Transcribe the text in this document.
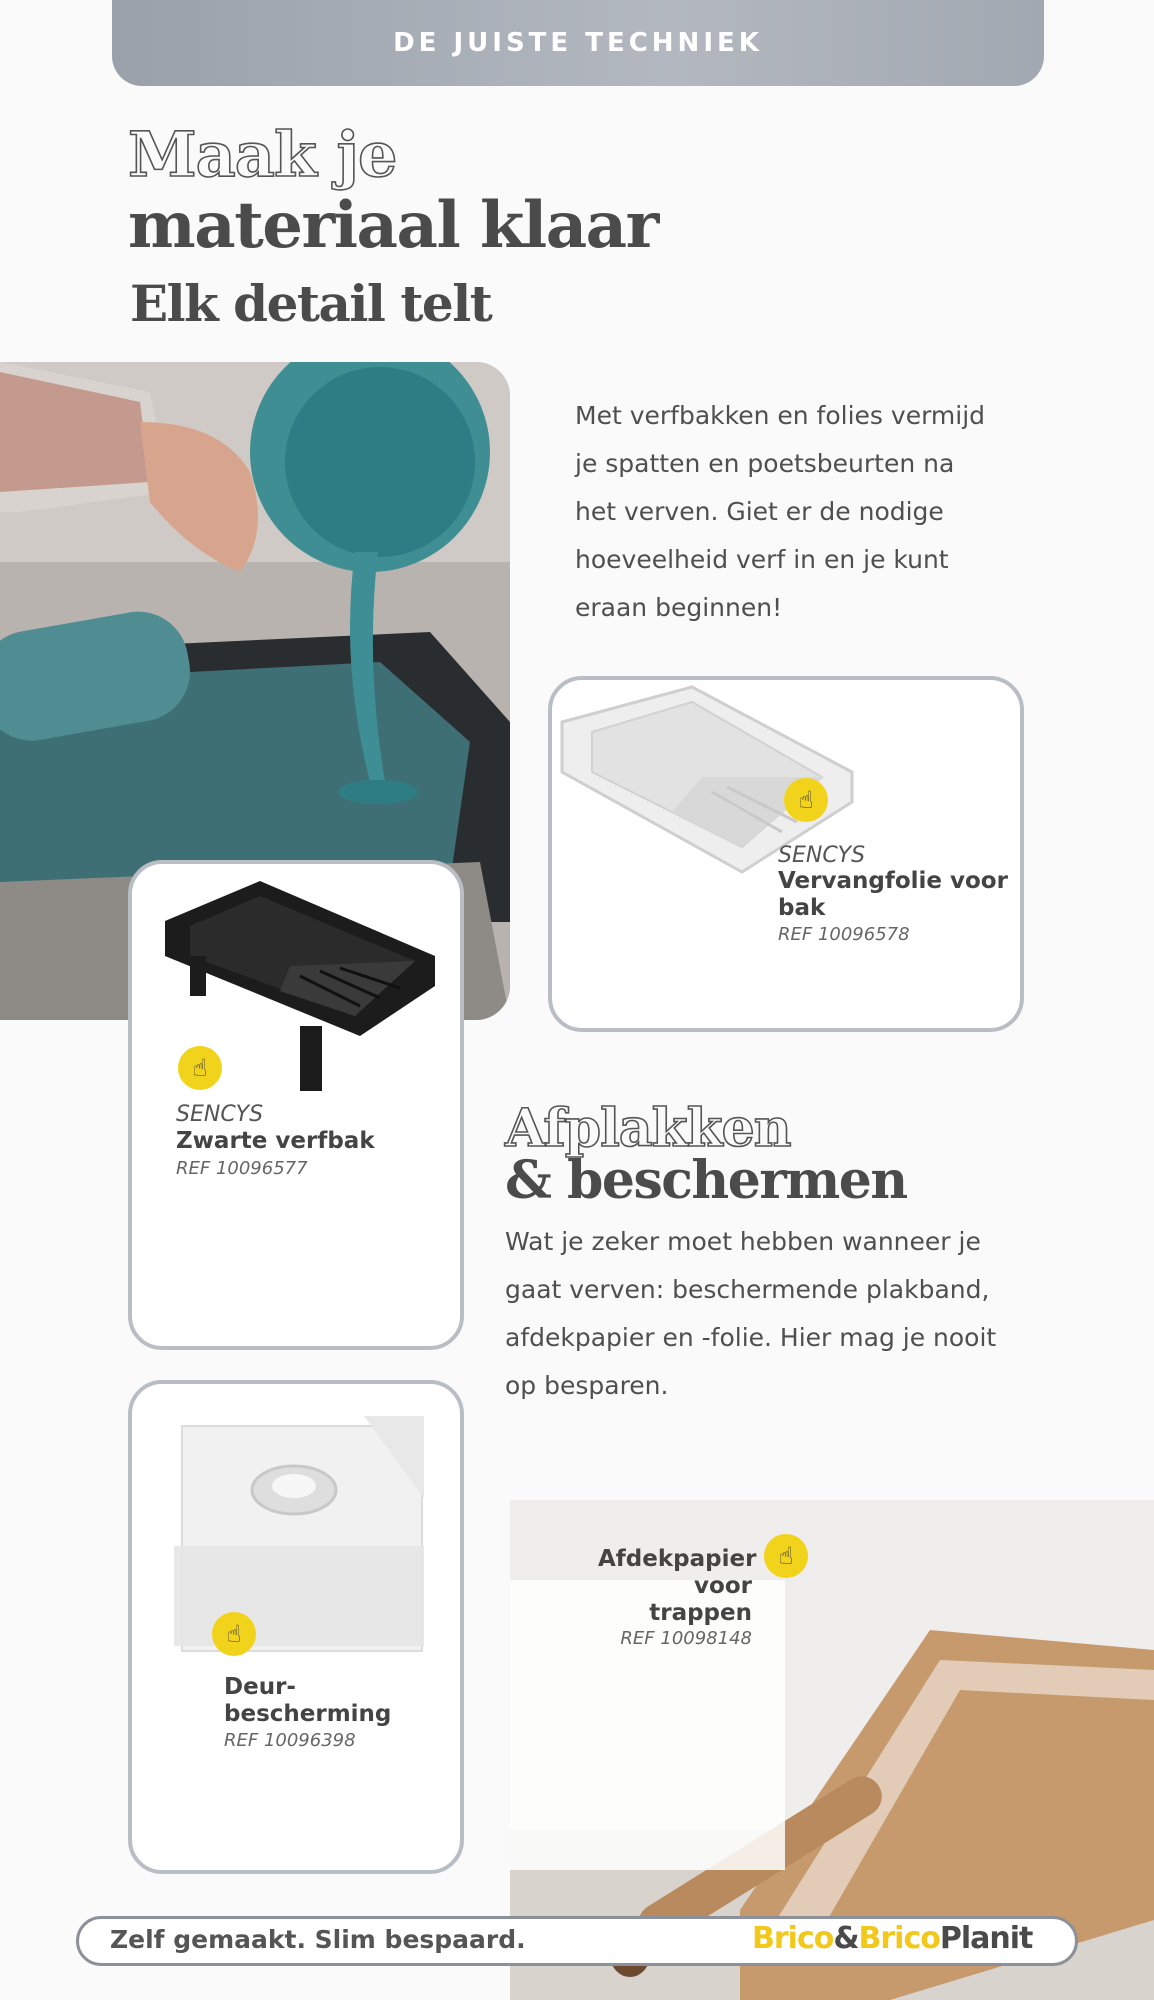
DE JUISTE TECHNIEK
Maak je
materiaal klaar
Elk detail telt
Met verfbakken en folies vermijd
je spatten en poetsbeurten na
het verven. Giet er de nodige
hoeveelheid verf in en je kunt
eraan beginnen!
☝
SENCYS
Vervangfolie voor
bak
REF 10096578
☝
SENCYS
Zwarte verfbak
REF 10096577
Afplakken
& beschermen
Wat je zeker moet hebben wanneer je
gaat verven: beschermende plakband,
afdekpapier en -folie. Hier mag je nooit
op besparen.
Afdekpapier
voor
trappen
REF 10098148
☝
☝
Deur-
bescherming
REF 10096398
Zelf gemaakt. Slim bespaard.	Brico&BricoPlanit
